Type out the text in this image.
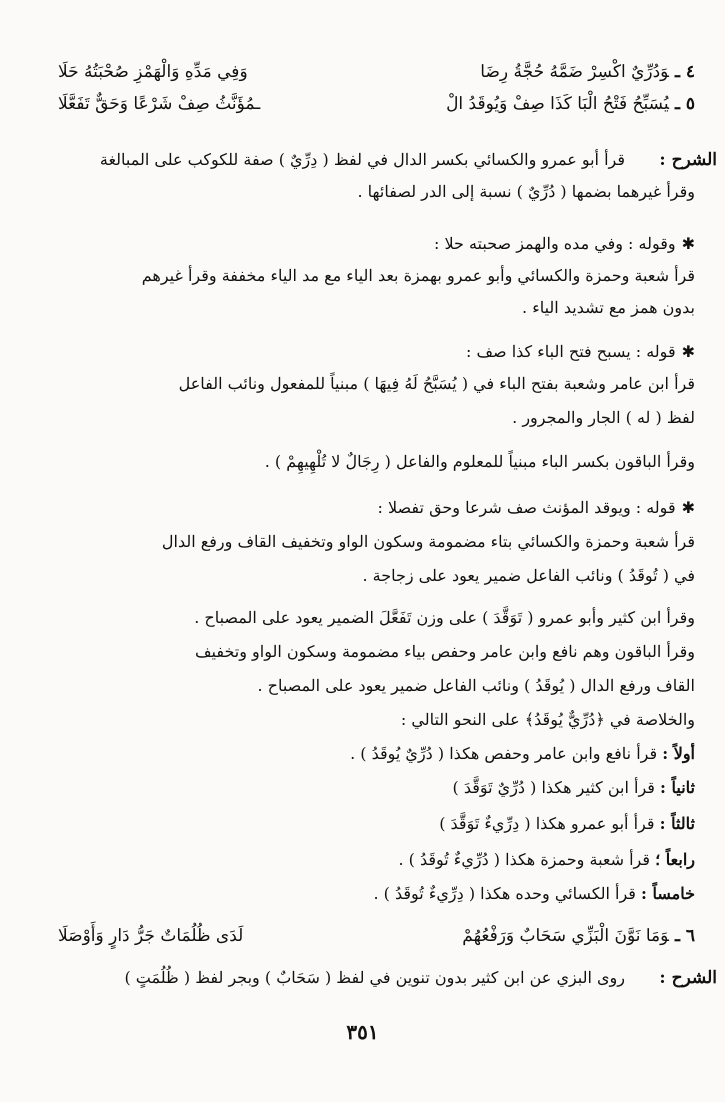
٤ ـوَدُرِّيٌ اكْسِرْ ضَمَّهُ حُجَّةُ رِضَا
وَفِي مَدِّهِ وَالْهَمْزِ صُحْبَتُهُ حَلَا
٥ ـيُسَبِّحُ فَتْحُ الْبَا كَذَا صِفْ وَيُوقَدُ الْ
ـمُؤَنَّثُ صِفْ شَرْعًا وَحَقٌّ تَفَعَّلَا
الشرح :
قرأ أبو عمرو والكسائي بكسر الدال في لفظ ( دِرِّيٌ ) صفة للكوكب على المبالغة
وقرأ غيرهما بضمها ( دُرِّيٌ ) نسبة إلى الدر لصفائها .
✱وقوله : وفي مده والهمز صحبته حلا :
قرأ شعبة وحمزة والكسائي وأبو عمرو بهمزة بعد الياء مع مد الياء مخففة وقرأ غيرهم
بدون همز مع تشديد الياء .
✱قوله : يسبح فتح الباء كذا صف :
قرأ ابن عامر وشعبة بفتح الباء في ( يُسَبَّحُ لَهُ فِيهَا ) مبنياً للمفعول ونائب الفاعل
لفظ ( له ) الجار والمجرور .
وقرأ الباقون بكسر الباء مبنياً للمعلوم والفاعل ( رِجَالٌ لا تُلْهِيهِمْ ) .
✱قوله : ويوقد المؤنث صف شرعا وحق تفصلا :
قرأ شعبة وحمزة والكسائي بتاء مضمومة وسكون الواو وتخفيف القاف ورفع الدال
في ( تُوقَدُ ) ونائب الفاعل ضمير يعود على زجاجة .
وقرأ ابن كثير وأبو عمرو ( تَوَقَّدَ ) على وزن تَفَعَّلَ الضمير يعود على المصباح .
وقرأ الباقون وهم نافع وابن عامر وحفص بياء مضمومة وسكون الواو وتخفيف
القاف ورفع الدال ( يُوقَدُ ) ونائب الفاعل ضمير يعود على المصباح .
والخلاصة في ﴿دُرِّيٌّ يُوقَدُ﴾ على النحو التالي :
أولاً : قرأ نافع وابن عامر وحفص هكذا ( دُرِّيٌ يُوقَدُ ) .
ثانياً : قرأ ابن كثير هكذا ( دُرِّيٌ تَوَقَّدَ )
ثالثاً : قرأ أبو عمرو هكذا ( دِرِّيءٌ تَوَقَّدَ )
رابعاً ؛ قرأ شعبة وحمزة هكذا ( دُرِّيءٌ تُوقَدُ ) .
خامساً : قرأ الكسائي وحده هكذا ( دِرِّيءٌ تُوقَدُ ) .
٦ ـوَمَا نَوَّنَ الْبَزِّي سَحَابٌ وَرَفْعُهُمْ
لَدَى ظُلُمَاتٌ جَرُّ دَارٍ وَأَوْصَلَا
الشرح :
روى البزي عن ابن كثير بدون تنوين في لفظ ( سَحَابٌ ) وبجر لفظ ( ظُلُمَتٍ )
٣٥١
